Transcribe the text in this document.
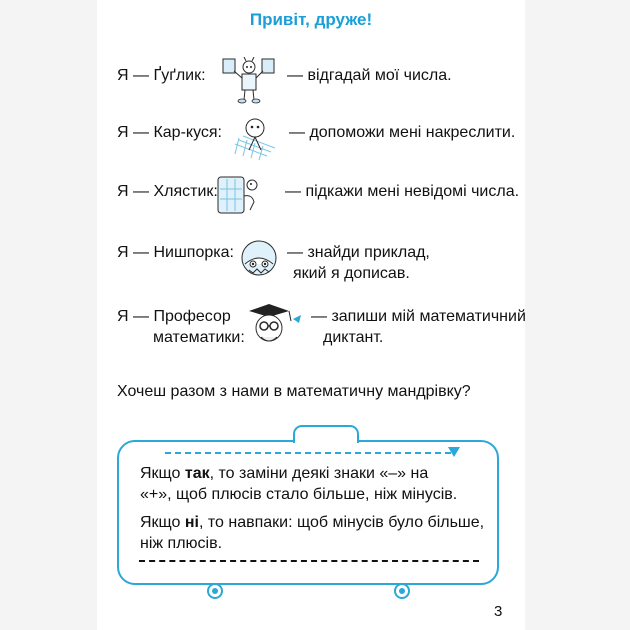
Привіт, друже!
Я — Ґуґлик:	— відгадай мої числа.
Я — Кар-куся:	— допоможи мені накреслити.
Я — Хлястик:	— підкажи мені невідомі числа.
Я — Нишпорка:	— знайди приклад,
який я дописав.
Я — Професор
математики:
— запиши мій математичний
диктант.
Хочеш разом з нами в математичну мандрівку?
Якщо так, то заміни деякі знаки «–» на
«+», щоб плюсів стало більше, ніж мінусів.
Якщо ні, то навпаки: щоб мінусів було більше,
ніж плюсів.
3
